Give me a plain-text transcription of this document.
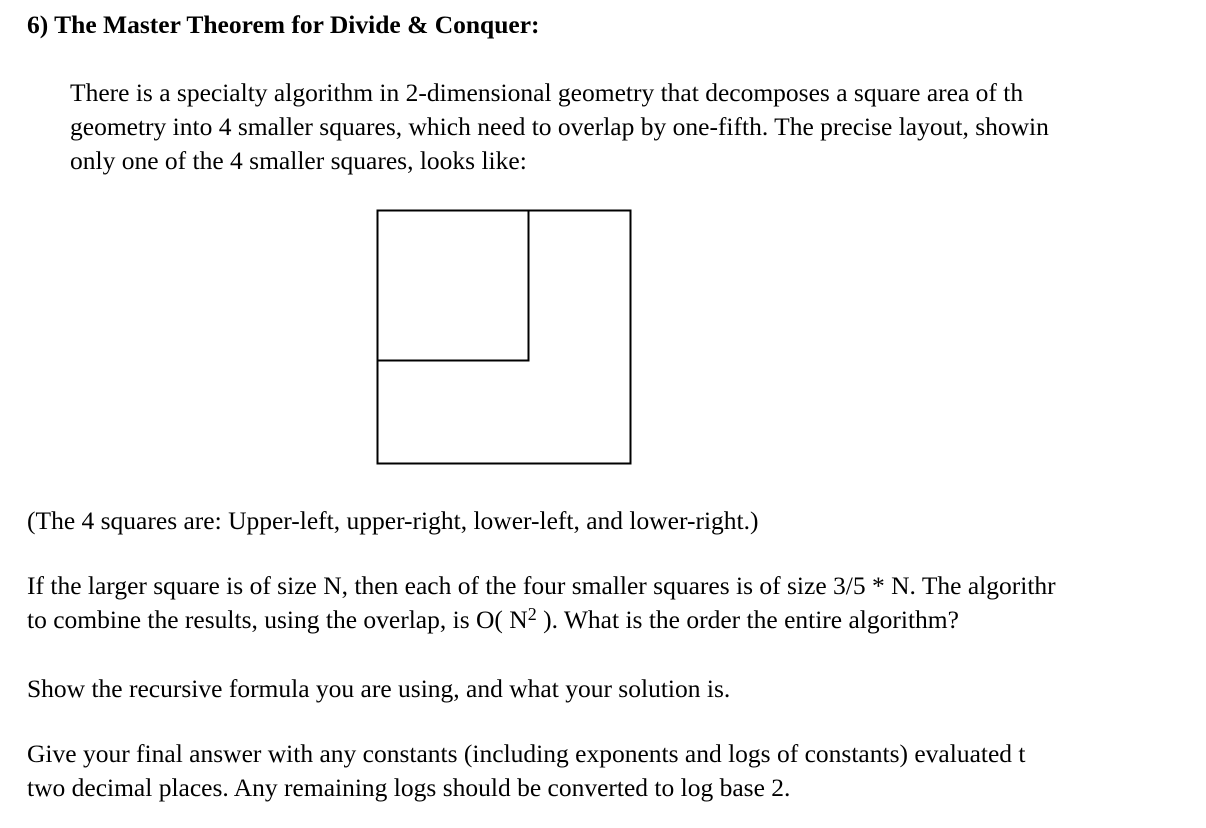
6) The Master Theorem for Divide & Conquer:
There is a specialty algorithm in 2-dimensional geometry that decomposes a square area of th
geometry into 4 smaller squares, which need to overlap by one-fifth. The precise layout, showin
only one of the 4 smaller squares, looks like:
(The 4 squares are: Upper-left, upper-right, lower-left, and lower-right.)
If the larger square is of size N, then each of the four smaller squares is of size 3/5 * N. The algorithr
to combine the results, using the overlap, is O( $N^2$ ). What is the order the entire algorithm?
Show the recursive formula you are using, and what your solution is.
Give your final answer with any constants (including exponents and logs of constants) evaluated t
two decimal places. Any remaining logs should be converted to log base 2.
